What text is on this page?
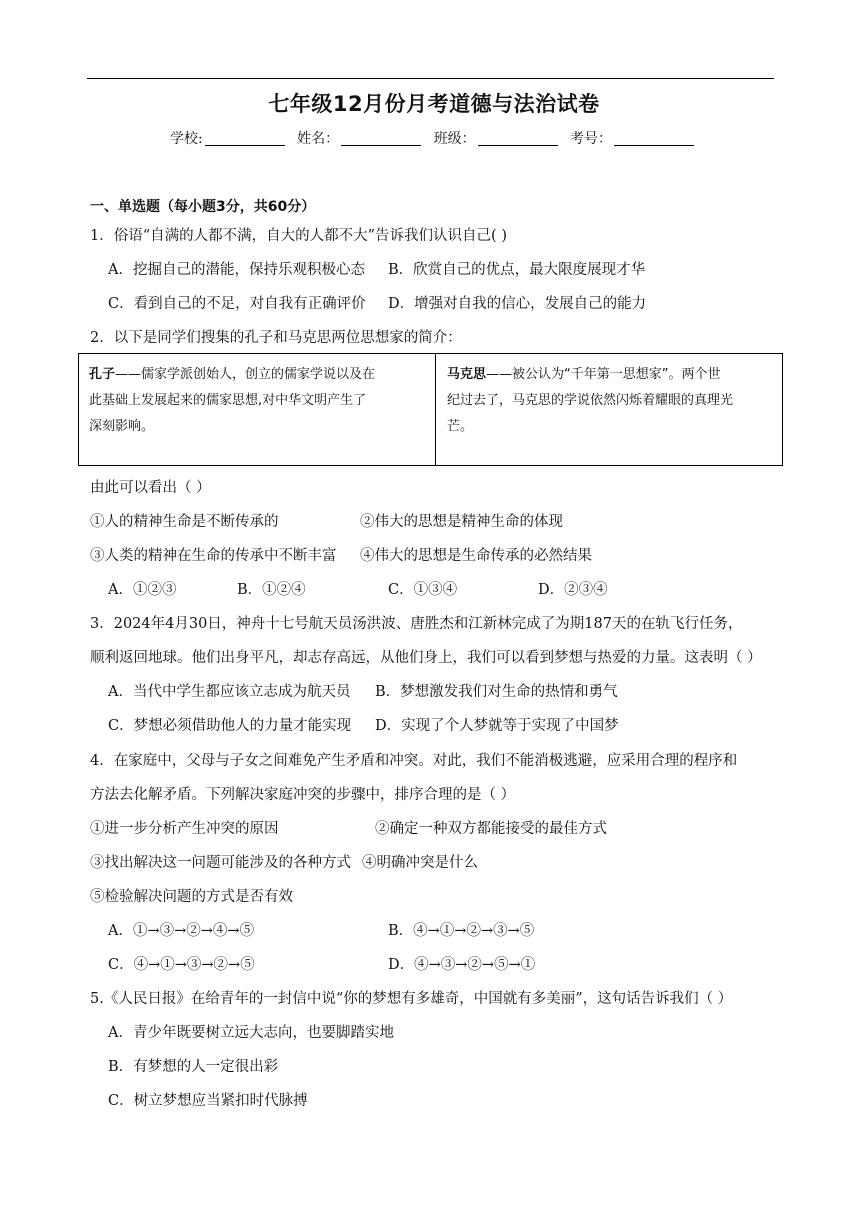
七年级12月份月考道德与法治试卷
学校:	姓名：	班级：	考号：
一、单选题（每小题3分，共60分）
1．俗语“自满的人都不满，自大的人都不大”告诉我们认识自己( )
A．挖掘自己的潜能，保持乐观积极心态 B．欣赏自己的优点，最大限度展现才华
C．看到自己的不足，对自我有正确评价 D．增强对自我的信心，发展自己的能力
2．以下是同学们搜集的孔子和马克思两位思想家的简介：
孔子——儒家学派创始人，创立的儒家学说以及在
此基础上发展起来的儒家思想,对中华文明产生了
深刻影响。
马克思——被公认为“千年第一思想家”。两个世
纪过去了，马克思的学说依然闪烁着耀眼的真理光
芒。
由此可以看出（ ）
①人的精神生命是不断传承的	②伟大的思想是精神生命的体现
③人类的精神在生命的传承中不断丰富 ④伟大的思想是生命传承的必然结果
A．①②③	B．①②④	C．①③④	D．②③④
3．2024年4月30日，神舟十七号航天员汤洪波、唐胜杰和江新林完成了为期187天的在轨飞行任务，
顺利返回地球。他们出身平凡，却志存高远，从他们身上，我们可以看到梦想与热爱的力量。这表明（ ）
A．当代中学生都应该立志成为航天员 B．梦想激发我们对生命的热情和勇气
C．梦想必须借助他人的力量才能实现 D．实现了个人梦就等于实现了中国梦
4．在家庭中，父母与子女之间难免产生矛盾和冲突。对此，我们不能消极逃避，应采用合理的程序和
方法去化解矛盾。下列解决家庭冲突的步骤中，排序合理的是（ ）
①进一步分析产生冲突的原因	②确定一种双方都能接受的最佳方式
③找出解决这一问题可能涉及的各种方式 ④明确冲突是什么
⑤检验解决问题的方式是否有效
A．①→③→②→④→⑤	B．④→①→②→③→⑤
C．④→①→③→②→⑤	D．④→③→②→⑤→①
5.《人民日报》在给青年的一封信中说“你的梦想有多雄奇，中国就有多美丽”，这句话告诉我们（ ）
A．青少年既要树立远大志向，也要脚踏实地
B．有梦想的人一定很出彩
C．树立梦想应当紧扣时代脉搏
